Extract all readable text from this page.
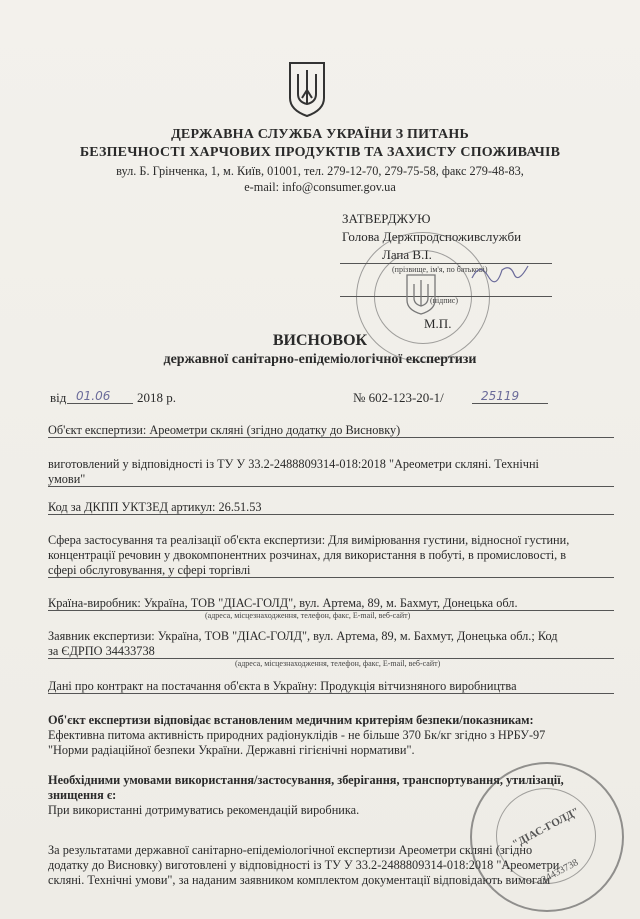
ДЕРЖАВНА СЛУЖБА УКРАЇНИ З ПИТАНЬ
БЕЗПЕЧНОСТІ ХАРЧОВИХ ПРОДУКТІВ ТА ЗАХИСТУ СПОЖИВАЧІВ
вул. Б. Грінченка, 1, м. Київ, 01001, тел. 279-12-70, 279-75-58, факс 279-48-83,
e-mail: info@consumer.gov.ua
ЗАТВЕРДЖУЮ
Голова Держпродспоживслужби
Лапа В.І.
(прізвище, ім'я, по батькові)
(підпис)
М.П.
ВИСНОВОК
державної санітарно-епідеміологічної експертизи
від 01.06 2018 р.	№ 602-123-20-1/	25119
Об'єкт експертизи: Ареометри скляні (згідно додатку до Висновку)
виготовлений у відповідності із ТУ У 33.2-2488809314-018:2018 "Ареометри скляні. Технічні
умови"
Код за ДКПП УКТЗЕД артикул: 26.51.53
Сфера застосування та реалізації об'єкта експертизи: Для вимірювання густини, відносної густини,
концентрації речовин у двокомпонентних розчинах, для використання в побуті, в промисловості, в
сфері обслуговування, у сфері торгівлі
Країна-виробник: Україна, ТОВ "ДІАС-ГОЛД", вул. Артема, 89, м. Бахмут, Донецька обл.
(адреса, місцезнаходження, телефон, факс, E-mail, веб-сайт)
Заявник експертизи: Україна, ТОВ "ДІАС-ГОЛД", вул. Артема, 89, м. Бахмут, Донецька обл.; Код
за ЄДРПО 34433738
(адреса, місцезнаходження, телефон, факс, E-mail, веб-сайт)
Дані про контракт на постачання об'єкта в Україну: Продукція вітчизняного виробництва
Об'єкт експертизи відповідає встановленим медичним критеріям безпеки/показникам:
Ефективна питома активність природних радіонуклідів - не більше 370 Бк/кг згідно з НРБУ-97
"Норми радіаційної безпеки України. Державні гігієнічні нормативи".
Необхідними умовами використання/застосування, зберігання, транспортування, утилізації,
знищення є:
При використанні дотримуватись рекомендацій виробника.
За результатами державної санітарно-епідеміологічної експертизи Ареометри скляні (згідно
додатку до Висновку) виготовлені у відповідності із ТУ У 33.2-2488809314-018:2018 "Ареометри
скляні. Технічні умови", за наданим заявником комплектом документації відповідають вимогам
"ДІАС-ГОЛД"
34433738
